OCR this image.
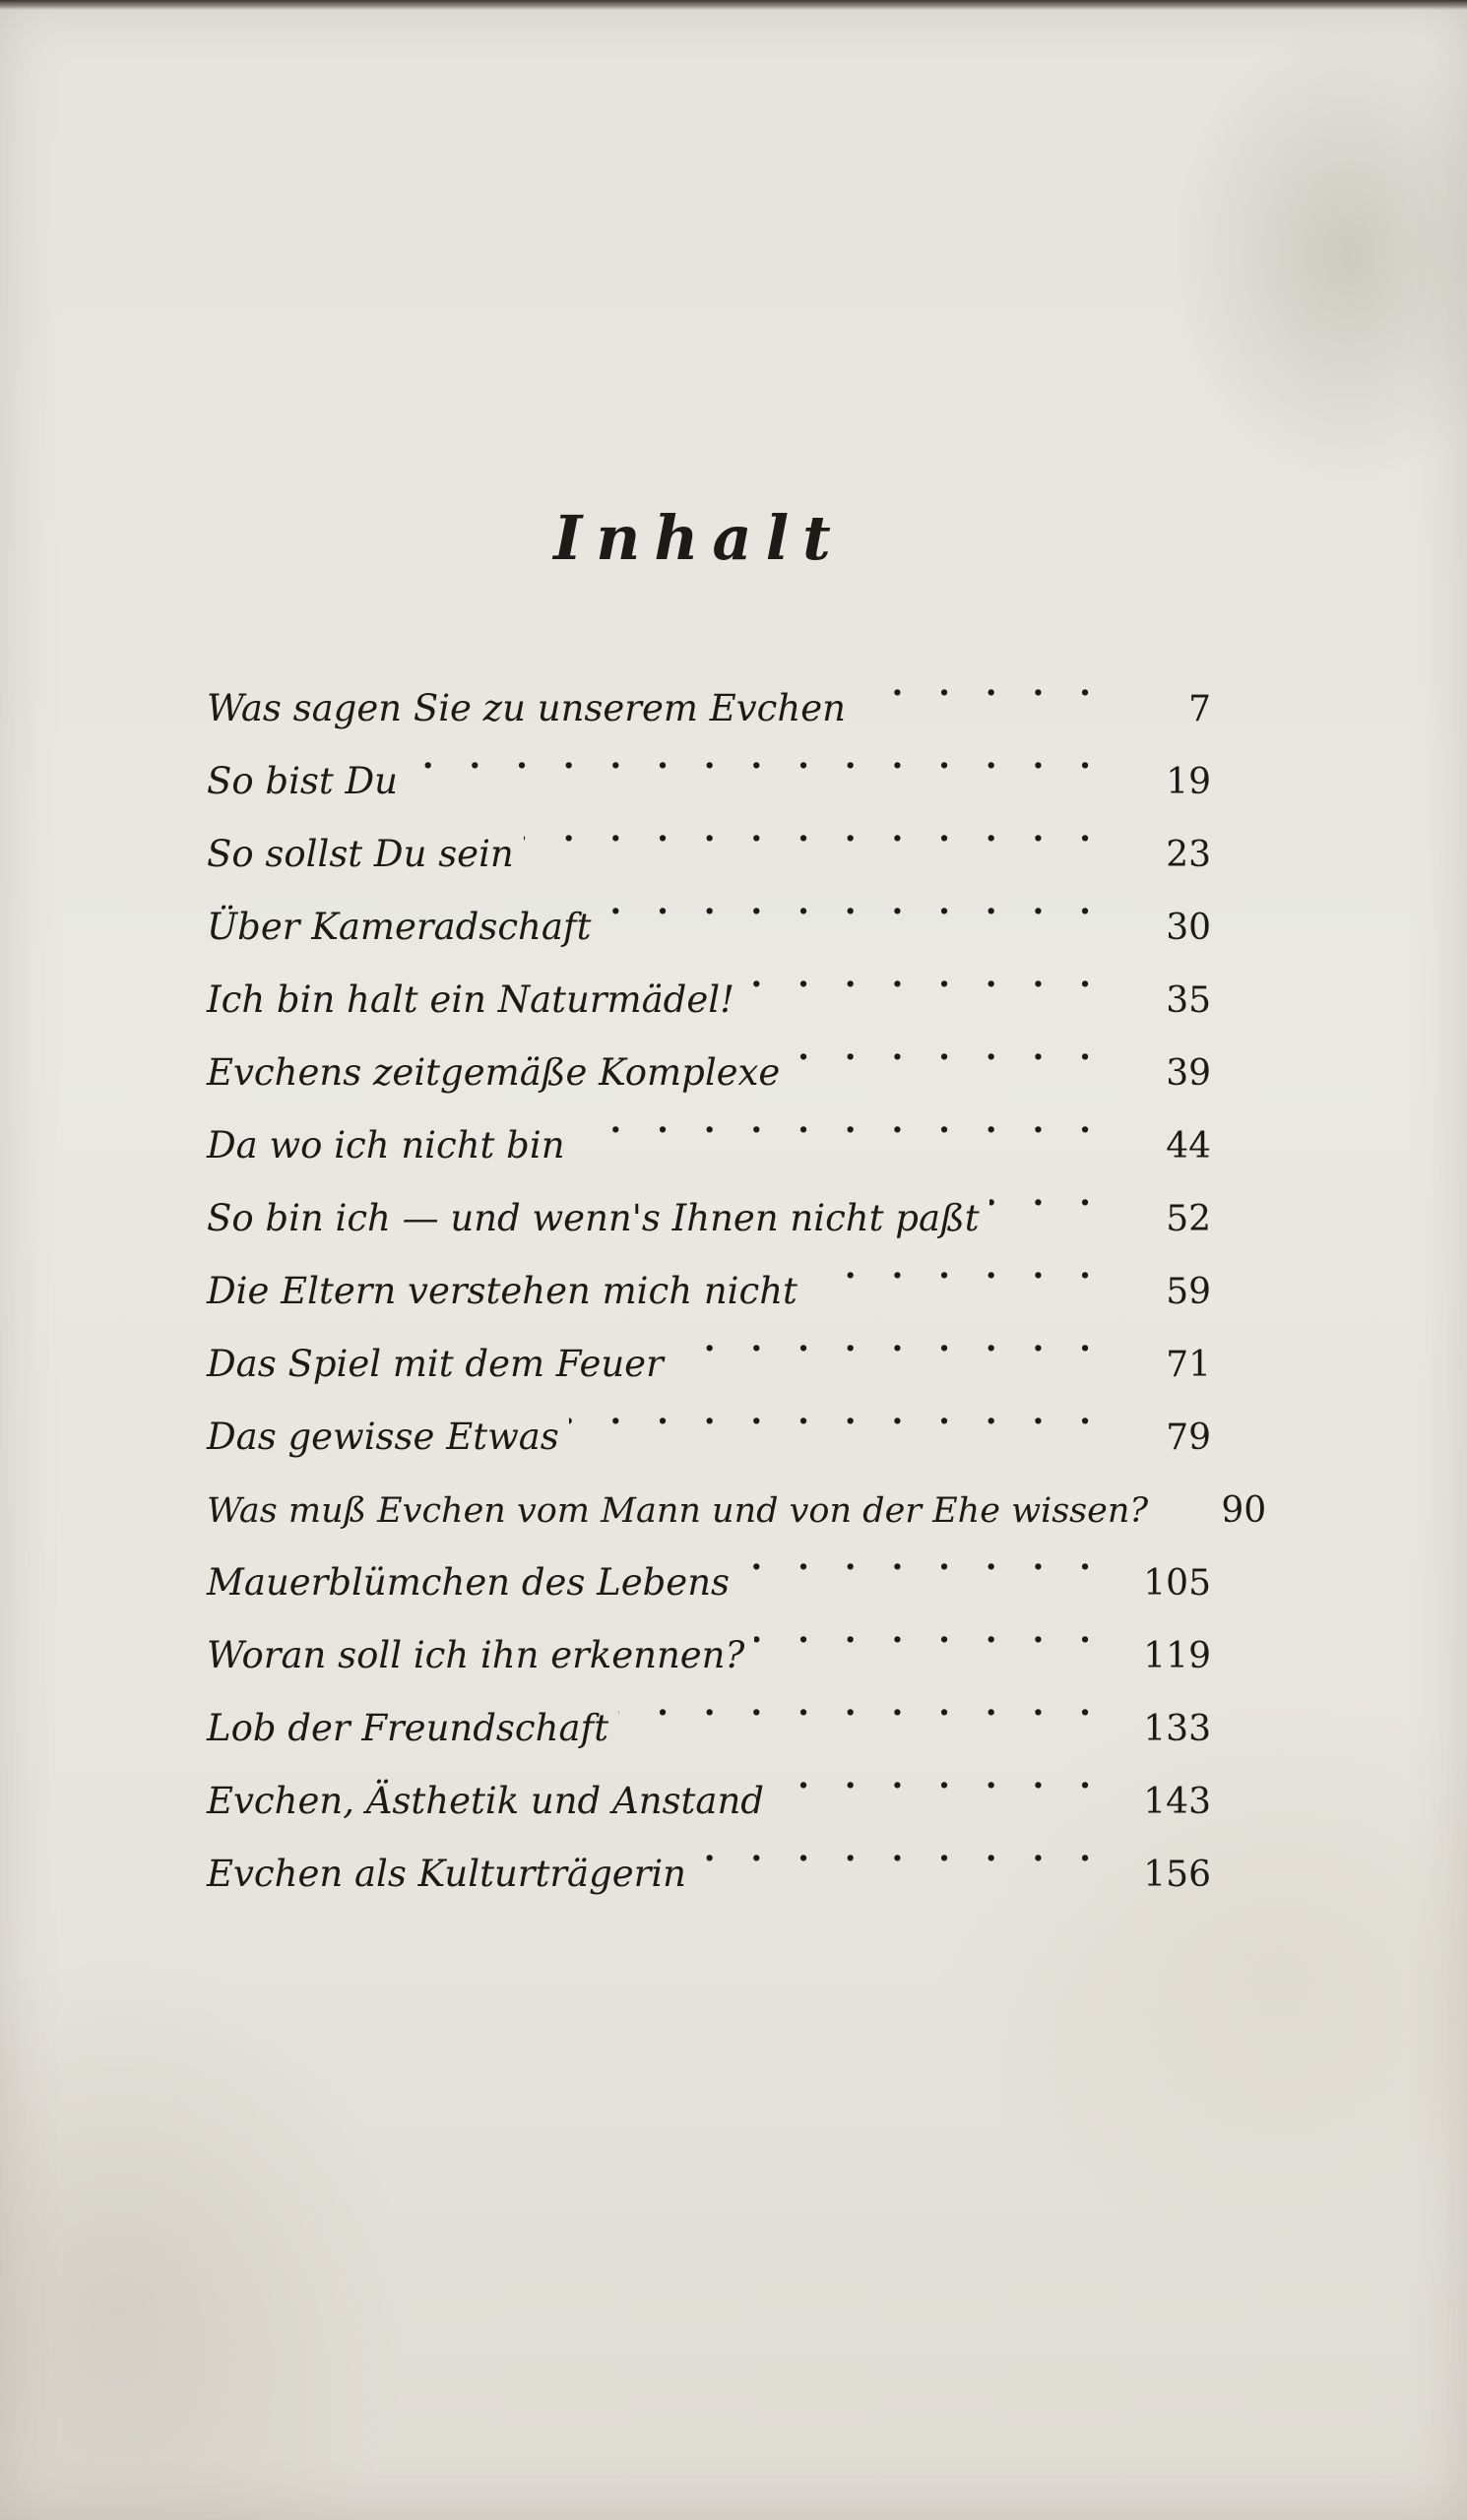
Inhalt
Was sagen Sie zu unserem Evchen . . .	7
So bist Du . . .	19
So sollst Du sein . . .	23
Über Kameradschaft . . .	30
Ich bin halt ein Naturmädel! . . .	35
Evchens zeitgemäße Komplexe . . .	39
Da wo ich nicht bin . . .	44
So bin ich — und wenn's Ihnen nicht paßt . . .	52
Die Eltern verstehen mich nicht . . .	59
Das Spiel mit dem Feuer . . .	71
Das gewisse Etwas . . .	79
Was muß Evchen vom Mann und von der Ehe wissen?	90
Mauerblümchen des Lebens . . .	105
Woran soll ich ihn erkennen? . . .	119
Lob der Freundschaft . . .	133
Evchen, Ästhetik und Anstand . . .	143
Evchen als Kulturträgerin . . .	156
